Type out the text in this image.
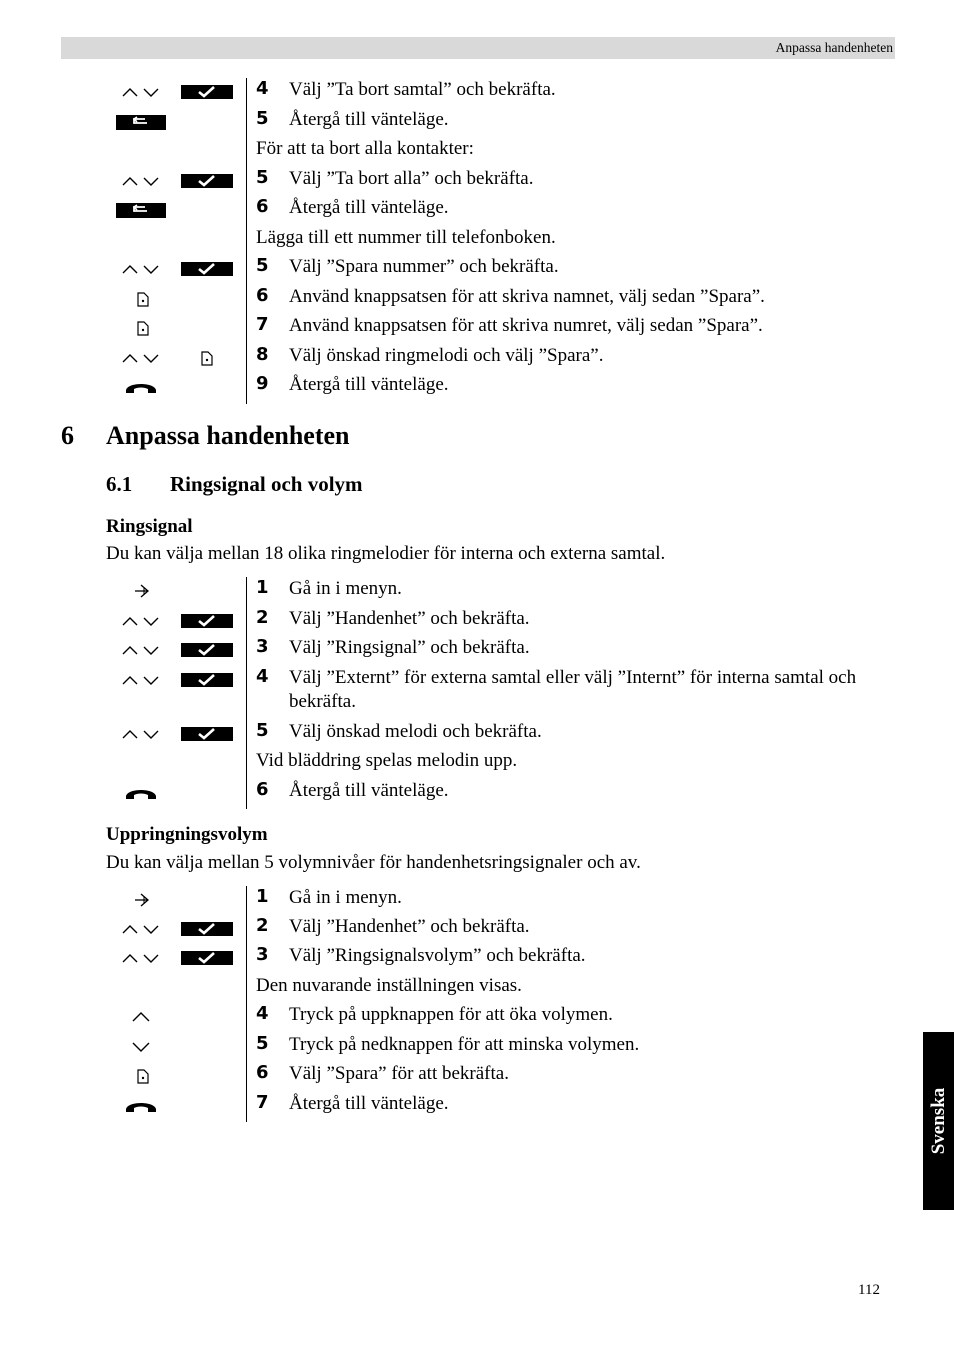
Anpassa handenheten
4 Välj ”Ta bort samtal” och bekräfta.
5 Återgå till vänteläge.
För att ta bort alla kontakter:
5 Välj ”Ta bort alla” och bekräfta.
6 Återgå till vänteläge.
Lägga till ett nummer till telefonboken.
5 Välj ”Spara nummer” och bekräfta.
6 Använd knappsatsen för att skriva namnet, välj sedan ”Spara”.
7 Använd knappsatsen för att skriva numret, välj sedan ”Spara”.
8 Välj önskad ringmelodi och välj ”Spara”.
9 Återgå till vänteläge.
6 Anpassa handenheten
6.1 Ringsignal och volym
Ringsignal
Du kan välja mellan 18 olika ringmelodier för interna och externa samtal.
1 Gå in i menyn.
2 Välj ”Handenhet” och bekräfta.
3 Välj ”Ringsignal” och bekräfta.
4 Välj ”Externt” för externa samtal eller välj ”Internt” för interna samtal och bekräfta.
5 Välj önskad melodi och bekräfta.
Vid bläddring spelas melodin upp.
6 Återgå till vänteläge.
Uppringningsvolym
Du kan välja mellan 5 volymnivåer för handenhetsringsignaler och av.
1 Gå in i menyn.
2 Välj ”Handenhet” och bekräfta.
3 Välj ”Ringsignalsvolym” och bekräfta.
Den nuvarande inställningen visas.
4 Tryck på uppknappen för att öka volymen.
5 Tryck på nedknappen för att minska volymen.
6 Välj ”Spara” för att bekräfta.
7 Återgå till vänteläge.	Svenska
112
